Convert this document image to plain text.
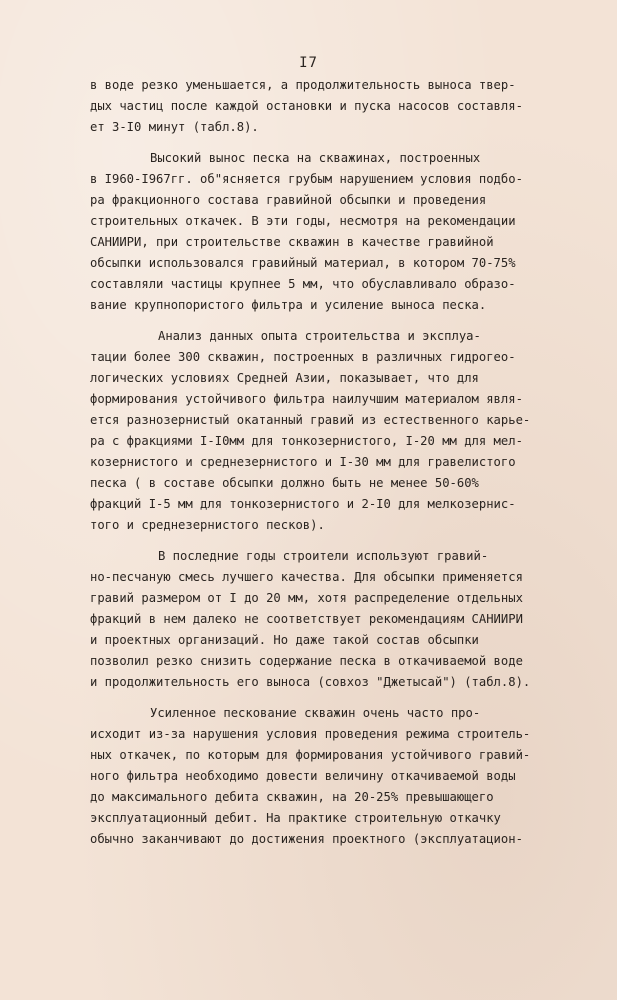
I7
в воде резко уменьшается, а продолжительность выноса твер-
дых частиц после каждой остановки и пуска насосов составля-
ет 3-I0 минут (табл.8).
Высокий вынос песка на скважинах, построенных
в I960-I967гг. об"ясняется грубым нарушением условия подбо-
ра фракционного состава гравийной обсыпки и проведения
строительных откачек. В эти годы, несмотря на рекомендации
САНИИРИ, при строительстве скважин в качестве гравийной
обсыпки использовался гравийный материал, в котором 70-75%
составляли частицы крупнее 5 мм, что обуславливало образо-
вание крупнопористого фильтра и усиление выноса песка.
Анализ данных опыта строительства и эксплуа-
тации более 300 скважин, построенных в различных гидрогео-
логических условиях Средней Азии, показывает, что для
формирования устойчивого фильтра наилучшим материалом явля-
ется разнозернистый окатанный гравий из естественного карье-
ра с фракциями I-I0мм для тонкозернистого, I-20 мм для мел-
козернистого и среднезернистого и I-30 мм для гравелистого
песка ( в составе обсыпки должно быть не менее 50-60%
фракций I-5 мм для тонкозернистого и 2-I0 для мелкозернис-
того и среднезернистого песков).
В последние годы строители используют гравий-
но-песчаную смесь лучшего качества. Для обсыпки применяется
гравий размером от I до 20 мм, хотя распределение отдельных
фракций в нем далеко не соответствует рекомендациям САНИИРИ
и проектных организаций. Но даже такой состав обсыпки
позволил резко снизить содержание песка в откачиваемой воде
и продолжительность его выноса (совхоз "Джетысай") (табл.8).
Усиленное пескование скважин очень часто про-
исходит из-за нарушения условия проведения режима строитель-
ных откачек, по которым для формирования устойчивого гравий-
ного фильтра необходимо довести величину откачиваемой воды
до максимального дебита скважин, на 20-25% превышающего
эксплуатационный дебит. На практике строительную откачку
обычно заканчивают до достижения проектного (эксплуатацион-
